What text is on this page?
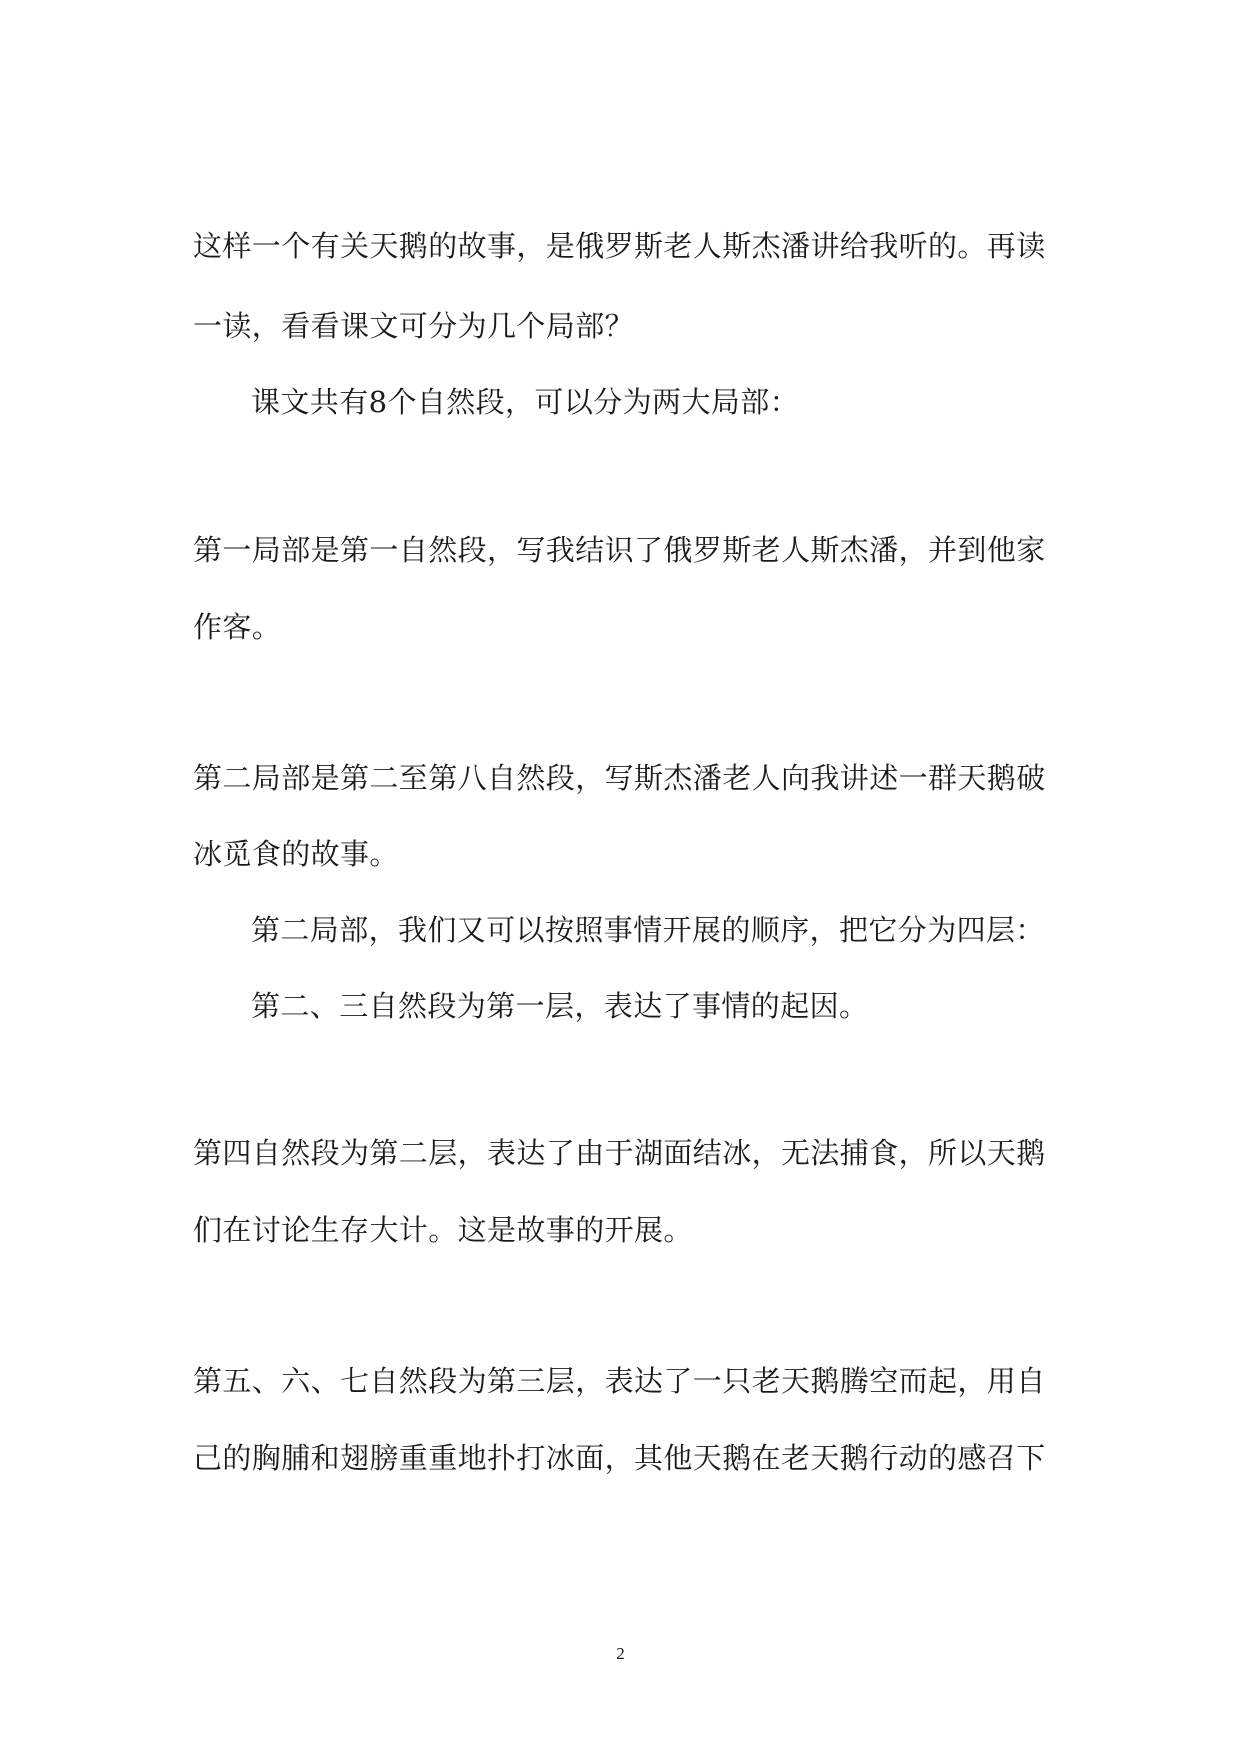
这样一个有关天鹅的故事，是俄罗斯老人斯杰潘讲给我听的。再读
一读，看看课文可分为几个局部？
课文共有8个自然段，可以分为两大局部：
第一局部是第一自然段，写我结识了俄罗斯老人斯杰潘，并到他家
作客。
第二局部是第二至第八自然段，写斯杰潘老人向我讲述一群天鹅破
冰觅食的故事。
第二局部，我们又可以按照事情开展的顺序，把它分为四层：
第二、三自然段为第一层，表达了事情的起因。
第四自然段为第二层，表达了由于湖面结冰，无法捕食，所以天鹅
们在讨论生存大计。这是故事的开展。
第五、六、七自然段为第三层，表达了一只老天鹅腾空而起，用自
己的胸脯和翅膀重重地扑打冰面，其他天鹅在老天鹅行动的感召下
2
